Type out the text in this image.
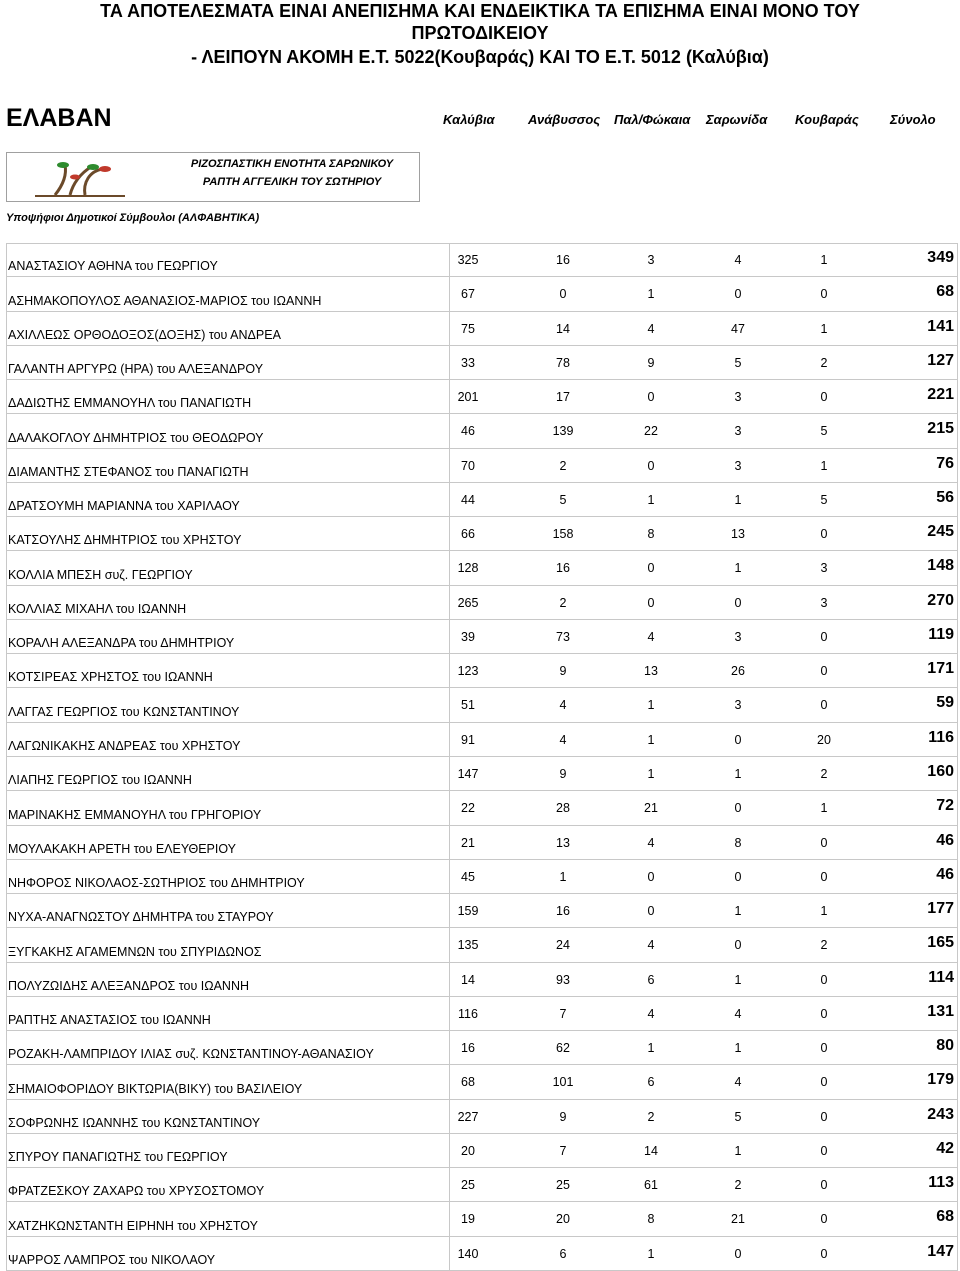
ΤΑ ΑΠΟΤΕΛΕΣΜΑΤΑ ΕΙΝΑΙ ΑΝΕΠΙΣΗΜΑ ΚΑΙ ΕΝΔΕΙΚΤΙΚΑ ΤΑ ΕΠΙΣΗΜΑ ΕΙΝΑΙ ΜΟΝΟ ΤΟΥ
ΠΡΩΤΟΔΙΚΕΙΟΥ
- ΛΕΙΠΟΥΝ ΑΚΟΜΗ Ε.Τ. 5022(Κουβαράς) ΚΑΙ ΤΟ Ε.Τ. 5012 (Καλύβια)
ΕΛΑΒΑΝ	Καλύβια	Ανάβυσσος Παλ/Φώκαια Σαρωνίδα Κουβαράς Σύνολο
ΡΙΖΟΣΠΑΣΤΙΚΗ ΕΝΟΤΗΤΑ ΣΑΡΩΝΙΚΟΥ
ΡΑΠΤΗ ΑΓΓΕΛΙΚΗ ΤΟΥ ΣΩΤΗΡΙΟΥ
Υποψήφιοι Δημοτικοί Σύμβουλοι (ΑΛΦΑΒΗΤΙΚΑ)
ΑΝΑΣΤΑΣΙΟΥ ΑΘΗΝΑ του ΓΕΩΡΓΙΟΥ	325	16	3	4	1	349
ΑΣΗΜΑΚΟΠΟΥΛΟΣ ΑΘΑΝΑΣΙΟΣ-ΜΑΡΙΟΣ του ΙΩΑΝΝΗ	67	0	1	0	0	68
ΑΧΙΛΛΕΩΣ ΟΡΘΟΔΟΞΟΣ(ΔΟΞΗΣ) του ΑΝΔΡΕΑ	75	14	4	47	1	141
ΓΑΛΑΝΤΗ ΑΡΓΥΡΩ (ΗΡΑ) του ΑΛΕΞΑΝΔΡΟΥ	33	78	9	5	2	127
ΔΑΔΙΩΤΗΣ ΕΜΜΑΝΟΥΗΛ του ΠΑΝΑΓΙΩΤΗ	201	17	0	3	0	221
ΔΑΛΑΚΟΓΛΟΥ ΔΗΜΗΤΡΙΟΣ του ΘΕΟΔΩΡΟΥ	46	139	22	3	5	215
ΔΙΑΜΑΝΤΗΣ ΣΤΕΦΑΝΟΣ του ΠΑΝΑΓΙΩΤΗ	70	2	0	3	1	76
ΔΡΑΤΣΟΥΜΗ ΜΑΡΙΑΝΝΑ του ΧΑΡΙΛΑΟΥ	44	5	1	1	5	56
ΚΑΤΣΟΥΛΗΣ ΔΗΜΗΤΡΙΟΣ του ΧΡΗΣΤΟΥ	66	158	8	13	0	245
ΚΟΛΛΙΑ ΜΠΕΣΗ συζ. ΓΕΩΡΓΙΟΥ	128	16	0	1	3	148
ΚΟΛΛΙΑΣ ΜΙΧΑΗΛ του ΙΩΑΝΝΗ	265	2	0	0	3	270
ΚΟΡΑΛΗ ΑΛΕΞΑΝΔΡΑ του ΔΗΜΗΤΡΙΟΥ	39	73	4	3	0	119
ΚΟΤΣΙΡΕΑΣ ΧΡΗΣΤΟΣ του ΙΩΑΝΝΗ	123	9	13	26	0	171
ΛΑΓΓΑΣ ΓΕΩΡΓΙΟΣ του ΚΩΝΣΤΑΝΤΙΝΟΥ	51	4	1	3	0	59
ΛΑΓΩΝΙΚΑΚΗΣ ΑΝΔΡΕΑΣ του ΧΡΗΣΤΟΥ	91	4	1	0	20	116
ΛΙΑΠΗΣ ΓΕΩΡΓΙΟΣ του ΙΩΑΝΝΗ	147	9	1	1	2	160
ΜΑΡΙΝΑΚΗΣ ΕΜΜΑΝΟΥΗΛ του ΓΡΗΓΟΡΙΟΥ	22	28	21	0	1	72
ΜΟΥΛΑΚΑΚΗ ΑΡΕΤΗ του ΕΛΕΥΘΕΡΙΟΥ	21	13	4	8	0	46
ΝΗΦΟΡΟΣ ΝΙΚΟΛΑΟΣ-ΣΩΤΗΡΙΟΣ του ΔΗΜΗΤΡΙΟΥ	45	1	0	0	0	46
ΝΥΧΑ-ΑΝΑΓΝΩΣΤΟΥ ΔΗΜΗΤΡΑ του ΣΤΑΥΡΟΥ	159	16	0	1	1	177
ΞΥΓΚΑΚΗΣ ΑΓΑΜΕΜΝΩΝ του ΣΠΥΡΙΔΩΝΟΣ	135	24	4	0	2	165
ΠΟΛΥΖΩΙΔΗΣ ΑΛΕΞΑΝΔΡΟΣ του ΙΩΑΝΝΗ	14	93	6	1	0	114
ΡΑΠΤΗΣ ΑΝΑΣΤΑΣΙΟΣ του ΙΩΑΝΝΗ	116	7	4	4	0	131
ΡΟΖΑΚΗ-ΛΑΜΠΡΙΔΟΥ ΙΛΙΑΣ συζ. ΚΩΝΣΤΑΝΤΙΝΟΥ-ΑΘΑΝΑΣΙΟΥ	16	62	1	1	0	80
ΣΗΜΑΙΟΦΟΡΙΔΟΥ ΒΙΚΤΩΡΙΑ(ΒΙΚΥ) του ΒΑΣΙΛΕΙΟΥ	68	101	6	4	0	179
ΣΟΦΡΩΝΗΣ ΙΩΑΝΝΗΣ του ΚΩΝΣΤΑΝΤΙΝΟΥ	227	9	2	5	0	243
ΣΠΥΡΟΥ ΠΑΝΑΓΙΩΤΗΣ του ΓΕΩΡΓΙΟΥ	20	7	14	1	0	42
ΦΡΑΤΖΕΣΚΟΥ ΖΑΧΑΡΩ του ΧΡΥΣΟΣΤΟΜΟΥ	25	25	61	2	0	113
ΧΑΤΖΗΚΩΝΣΤΑΝΤΗ ΕΙΡΗΝΗ του ΧΡΗΣΤΟΥ	19	20	8	21	0	68
ΨΑΡΡΟΣ ΛΑΜΠΡΟΣ του ΝΙΚΟΛΑΟΥ	140	6	1	0	0	147
